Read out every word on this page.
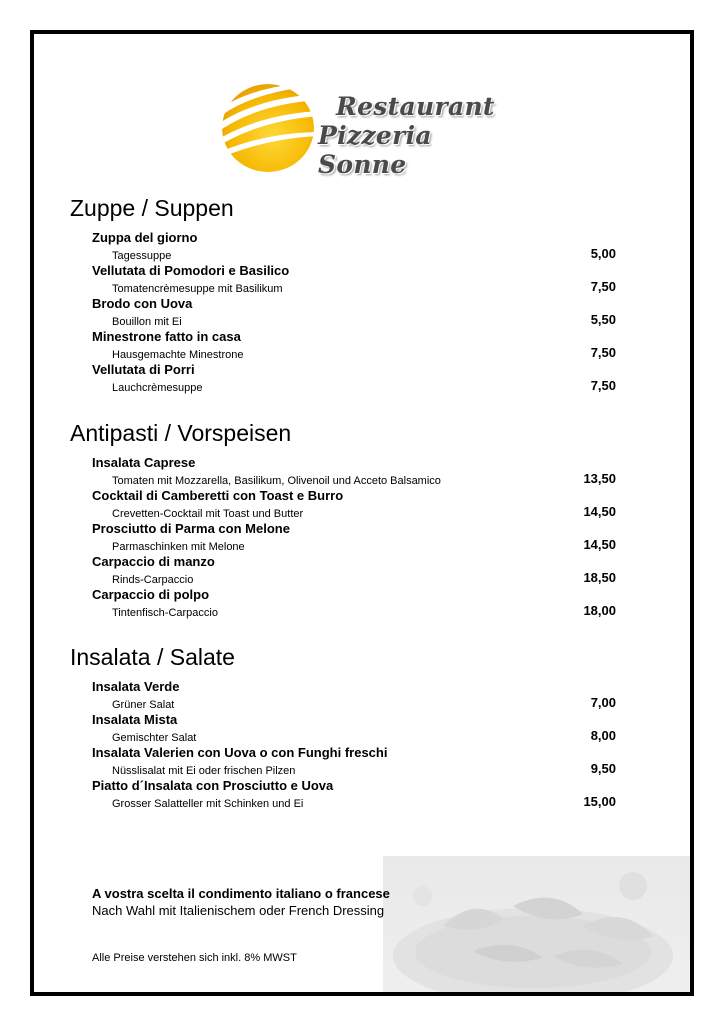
Restaurant

Pizzeria Sonne
Zuppe / Suppen
Zuppa del giorno
Tagessuppe	5,00
Vellutata di Pomodori e Basilico
Tomatencrèmesuppe mit Basilikum	7,50
Brodo con Uova
Bouillon mit Ei	5,50
Minestrone fatto in casa
Hausgemachte Minestrone	7,50
Vellutata di Porri
Lauchcrèmesuppe	7,50
Antipasti / Vorspeisen
Insalata Caprese
Tomaten mit Mozzarella, Basilikum, Olivenoil und Acceto Balsamico	13,50
Cocktail di Camberetti con Toast e Burro
Crevetten-Cocktail mit Toast und Butter	14,50
Prosciutto di Parma con Melone
Parmaschinken mit Melone	14,50
Carpaccio di manzo
Rinds-Carpaccio	18,50
Carpaccio di polpo
Tintenfisch-Carpaccio	18,00
Insalata / Salate
Insalata Verde
Grüner Salat	7,00
Insalata Mista
Gemischter Salat	8,00
Insalata Valerien con Uova o con Funghi freschi
Nüsslisalat mit Ei oder frischen Pilzen	9,50
Piatto d´Insalata con Prosciutto e Uova
Grosser Salatteller mit Schinken und Ei	15,00
A vostra scelta il condimento italiano o francese
Nach Wahl mit Italienischem oder French Dressing
Alle Preise verstehen sich inkl. 8% MWST
